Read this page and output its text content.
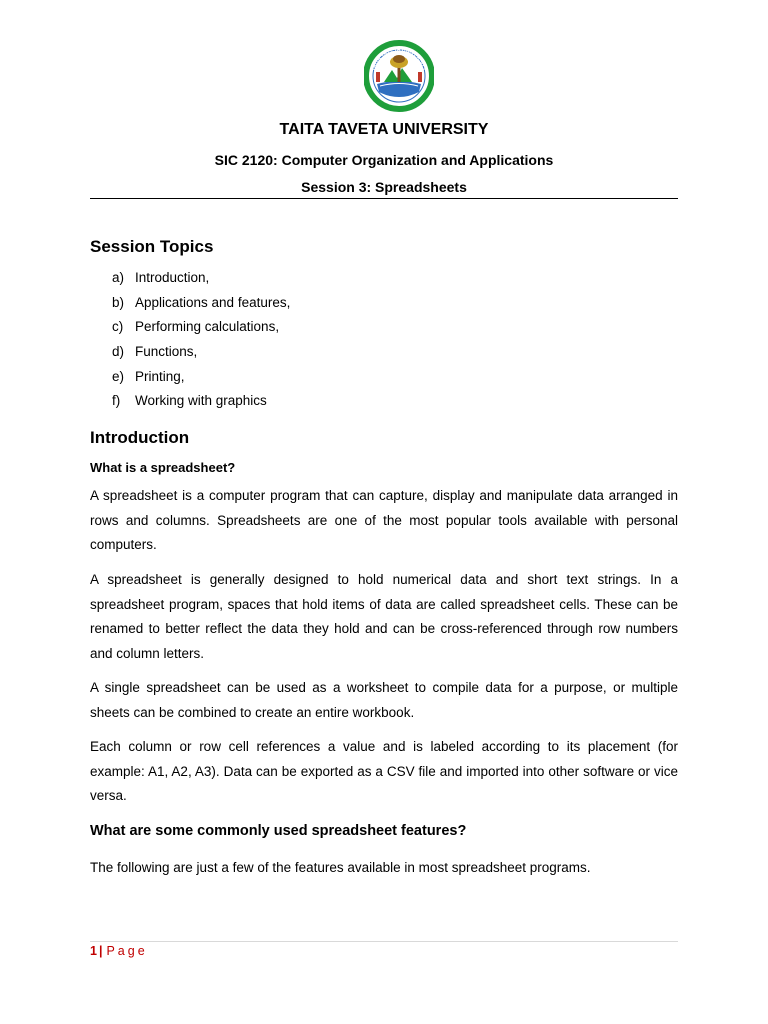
TAITA TAVETA UNIVERSITY
TAITA TAVETA UNIVERSITY
SIC 2120: Computer Organization and Applications
Session 3: Spreadsheets
Session Topics
a) Introduction,
b) Applications and features,
c) Performing calculations,
d) Functions,
e) Printing,
f)	Working with graphics
Introduction
What is a spreadsheet?

A spreadsheet is a computer program that can capture, display and manipulate data arranged in rows and columns. Spreadsheets are one of the most popular tools available with personal computers.

A spreadsheet is generally designed to hold numerical data and short text strings. In a spreadsheet program, spaces that hold items of data are called spreadsheet cells. These can be renamed to better reflect the data they hold and can be cross-referenced through row numbers and column letters.

A single spreadsheet can be used as a worksheet to compile data for a purpose, or multiple sheets can be combined to create an entire workbook.

Each column or row cell references a value and is labeled according to its placement (for example: A1, A2, A3). Data can be exported as a CSV file and imported into other software or vice versa.

What are some commonly used spreadsheet features?

The following are just a few of the features available in most spreadsheet programs.

1 | Page
